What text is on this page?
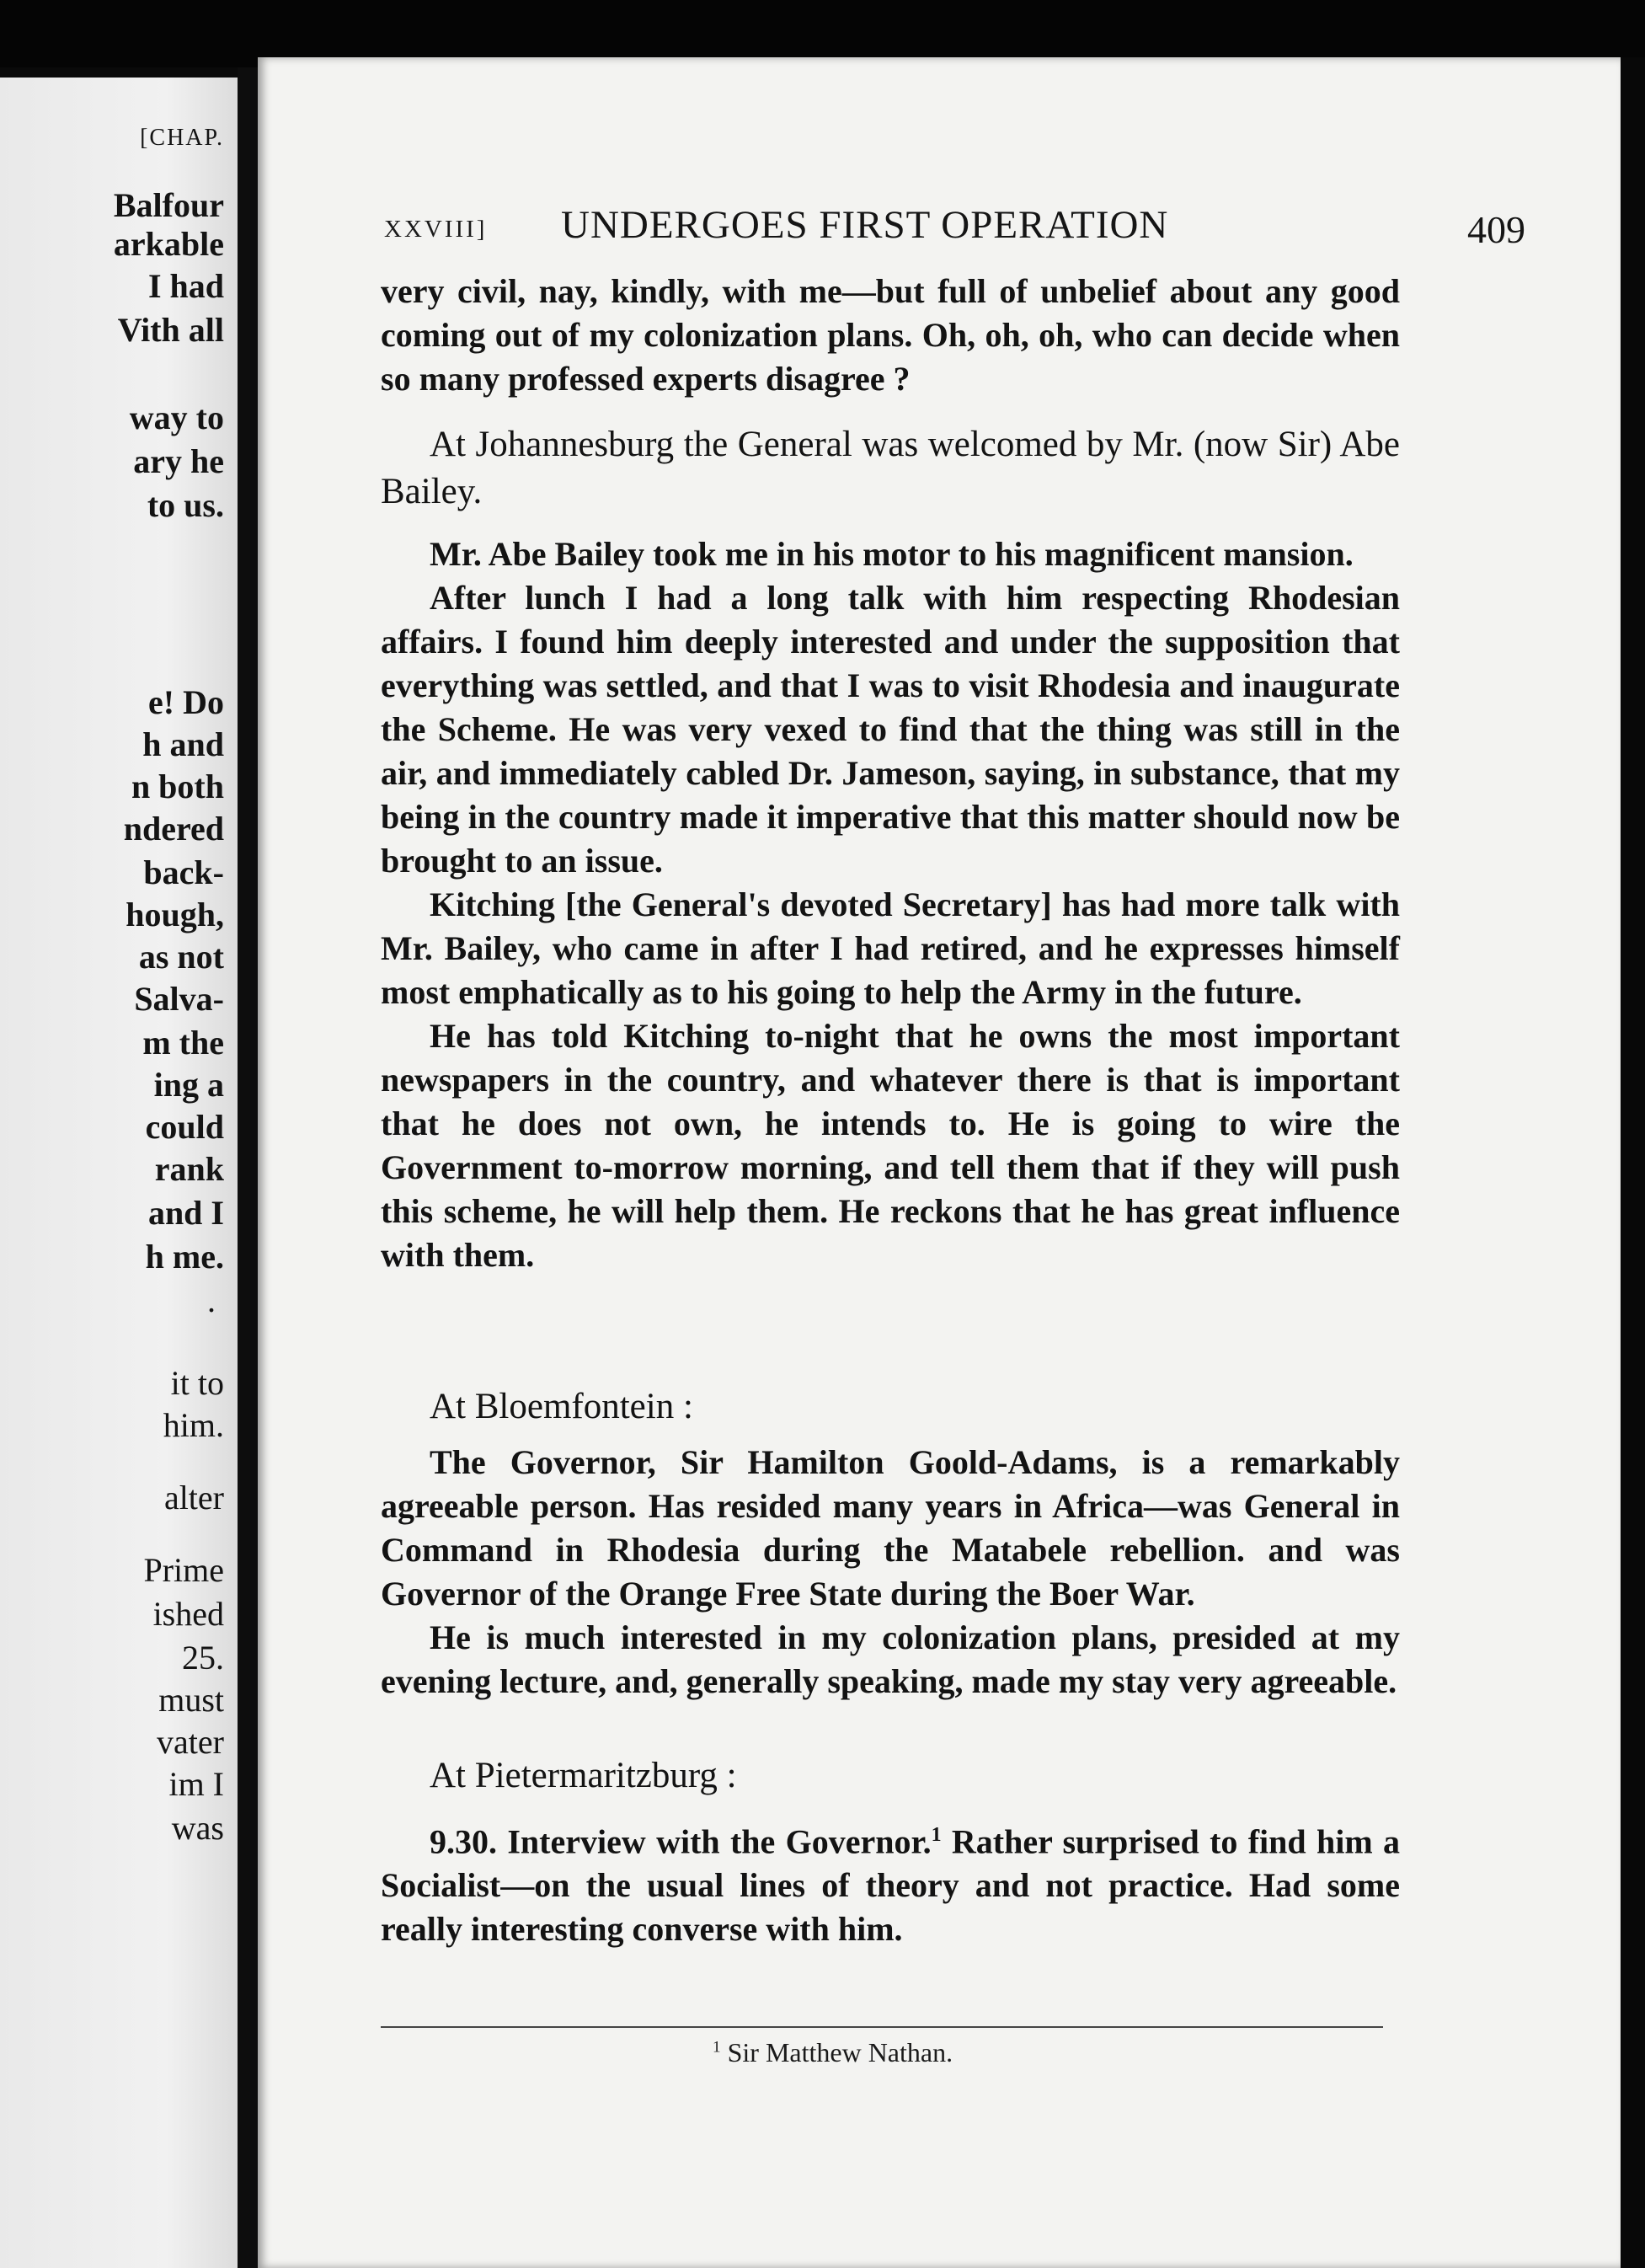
[CHAP.
Balfour
arkable
I had
Vith all
way to
ary he
to us.
e! Do
h and
n both
ndered
back-
hough,
as not
Salva-
m the
ing a
could
rank
and I
h me.
.
it to
him.
alter
Prime
ished
25.
must
vater
im I
was
XXVIII] UNDERGOES FIRST OPERATION	409

very civil, nay, kindly, with me—but full of unbelief about any good coming out of my colonization plans. Oh, oh, oh, who can decide when so many professed experts disagree ?

At Johannesburg the General was welcomed by Mr. (now Sir) Abe Bailey.

Mr. Abe Bailey took me in his motor to his magnificent mansion.

After lunch I had a long talk with him respecting Rhodesian affairs. I found him deeply interested and under the supposition that everything was settled, and that I was to visit Rhodesia and inaugurate the Scheme. He was very vexed to find that the thing was still in the air, and immediately cabled Dr. Jameson, saying, in substance, that my being in the country made it imperative that this matter should now be brought to an issue.

Kitching [the General's devoted Secretary] has had more talk with Mr. Bailey, who came in after I had retired, and he expresses himself most emphatically as to his going to help the Army in the future.

He has told Kitching to-night that he owns the most important newspapers in the country, and whatever there is that is important that he does not own, he intends to. He is going to wire the Government to-morrow morning, and tell them that if they will push this scheme, he will help them. He reckons that he has great influence with them.

At Bloemfontein :

The Governor, Sir Hamilton Goold-Adams, is a remarkably agreeable person. Has resided many years in Africa—was General in Command in Rhodesia during the Matabele rebellion. and was Governor of the Orange Free State during the Boer War.

He is much interested in my colonization plans, presided at my evening lecture, and, generally speaking, made my stay very agreeable.

At Pietermaritzburg :

9.30. Interview with the Governor.$^1$ Rather surprised to find him a Socialist—on the usual lines of theory and not practice. Had some really interesting converse with him.

$^1$ Sir Matthew Nathan.
